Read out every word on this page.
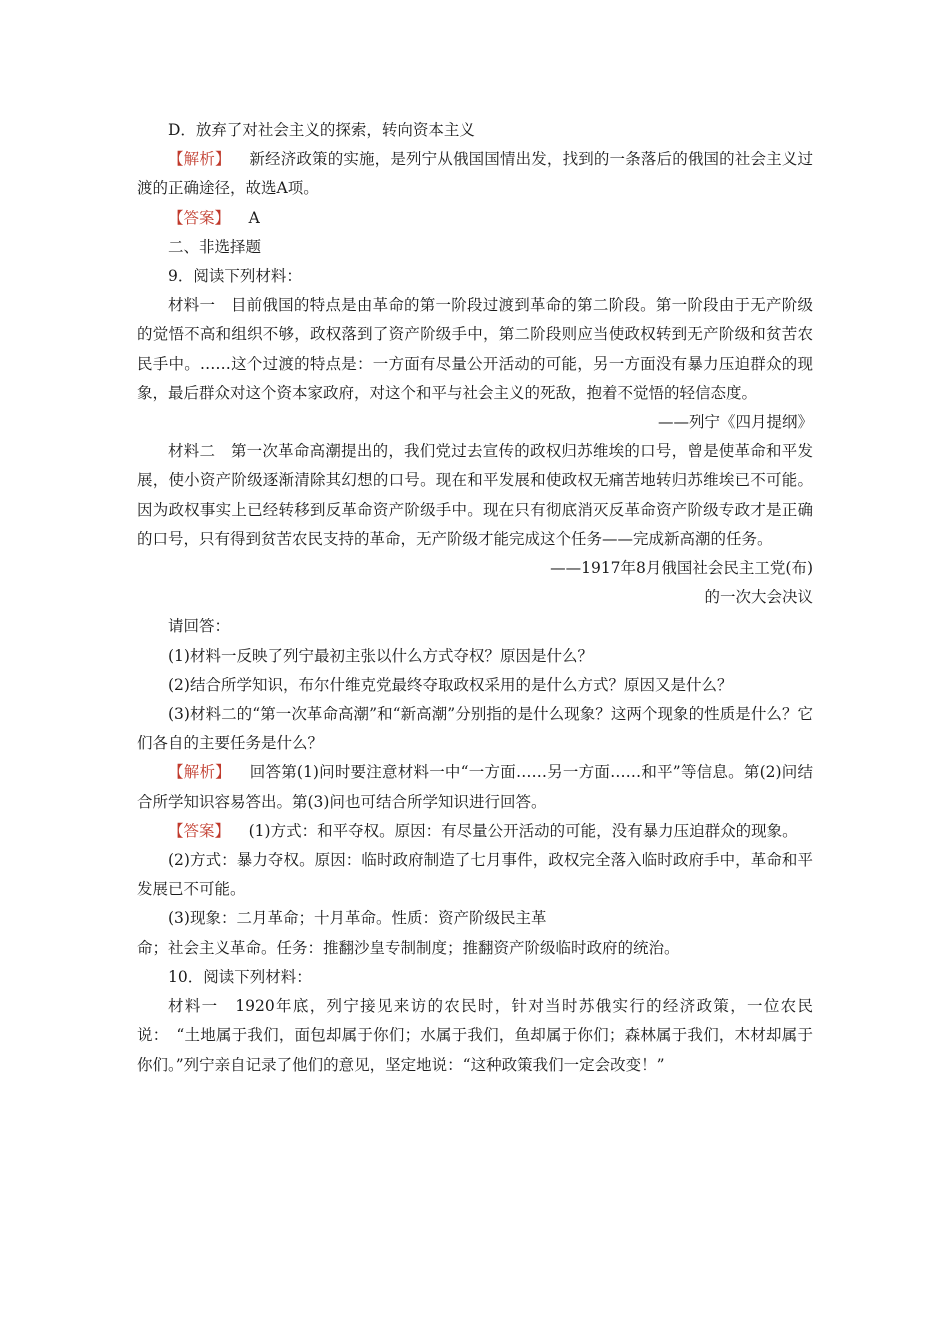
D．放弃了对社会主义的探索，转向资本主义

【解析】 新经济政策的实施，是列宁从俄国国情出发，找到的一条落后的俄国的社会主义过渡的正确途径，故选A项。

【答案】 A

二、非选择题

9．阅读下列材料：

材料一　目前俄国的特点是由革命的第一阶段过渡到革命的第二阶段。第一阶段由于无产阶级的觉悟不高和组织不够，政权落到了资产阶级手中，第二阶段则应当使政权转到无产阶级和贫苦农民手中。……这个过渡的特点是：一方面有尽量公开活动的可能，另一方面没有暴力压迫群众的现象，最后群众对这个资本家政府，对这个和平与社会主义的死敌，抱着不觉悟的轻信态度。

——列宁《四月提纲》

材料二　第一次革命高潮提出的，我们党过去宣传的政权归苏维埃的口号，曾是使革命和平发展，使小资产阶级逐渐清除其幻想的口号。现在和平发展和使政权无痛苦地转归苏维埃已不可能。因为政权事实上已经转移到反革命资产阶级手中。现在只有彻底消灭反革命资产阶级专政才是正确的口号，只有得到贫苦农民支持的革命，无产阶级才能完成这个任务——完成新高潮的任务。

——1917年8月俄国社会民主工党(布)

的一次大会决议

请回答：

(1)材料一反映了列宁最初主张以什么方式夺权？原因是什么？

(2)结合所学知识，布尔什维克党最终夺取政权采用的是什么方式？原因又是什么？

(3)材料二的“第一次革命高潮”和“新高潮”分别指的是什么现象？这两个现象的性质是什么？它们各自的主要任务是什么？

【解析】 回答第(1)问时要注意材料一中“一方面……另一方面……和平”等信息。第(2)问结合所学知识容易答出。第(3)问也可结合所学知识进行回答。

【答案】 (1)方式：和平夺权。原因：有尽量公开活动的可能，没有暴力压迫群众的现象。

(2)方式：暴力夺权。原因：临时政府制造了七月事件，政权完全落入临时政府手中，革命和平发展已不可能。

(3)现象：二月革命；十月革命。性质：资产阶级民主革

命；社会主义革命。任务：推翻沙皇专制制度；推翻资产阶级临时政府的统治。

10．阅读下列材料：

材料一　1920年底，列宁接见来访的农民时，针对当时苏俄实行的经济政策，一位农民说：　“土地属于我们，面包却属于你们；水属于我们，鱼却属于你们；森林属于我们，木材却属于你们。”列宁亲自记录了他们的意见，坚定地说：“这种政策我们一定会改变！”
